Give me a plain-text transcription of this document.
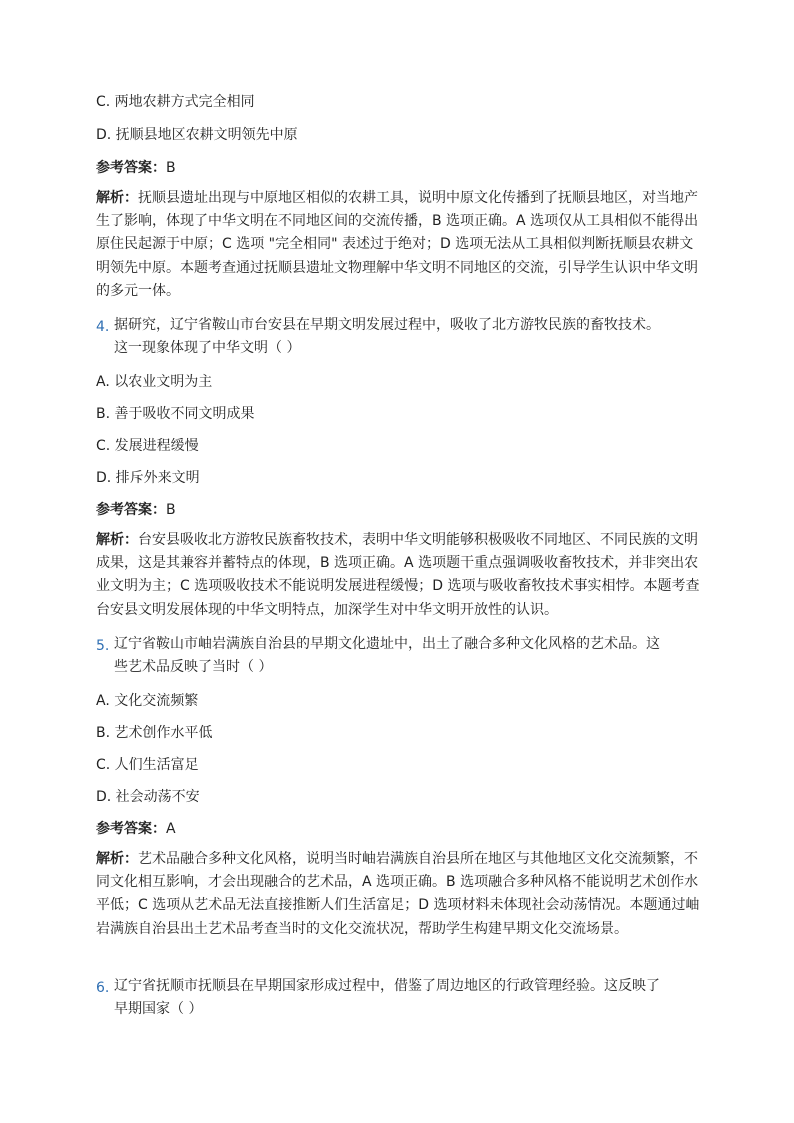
C. 两地农耕方式完全相同
D. 抚顺县地区农耕文明领先中原
参考答案：B
解析：抚顺县遗址出现与中原地区相似的农耕工具，说明中原文化传播到了抚顺县地区，对当地产生了影响，体现了中华文明在不同地区间的交流传播，B 选项正确。A 选项仅从工具相似不能得出原住民起源于中原；C 选项 "完全相同" 表述过于绝对；D 选项无法从工具相似判断抚顺县农耕文明领先中原。本题考查通过抚顺县遗址文物理解中华文明不同地区的交流，引导学生认识中华文明的多元一体。
4. 据研究，辽宁省鞍山市台安县在早期文明发展过程中，吸收了北方游牧民族的畜牧技术。
这一现象体现了中华文明（ ）
A. 以农业文明为主
B. 善于吸收不同文明成果
C. 发展进程缓慢
D. 排斥外来文明
参考答案：B
解析：台安县吸收北方游牧民族畜牧技术，表明中华文明能够积极吸收不同地区、不同民族的文明成果，这是其兼容并蓄特点的体现，B 选项正确。A 选项题干重点强调吸收畜牧技术，并非突出农业文明为主；C 选项吸收技术不能说明发展进程缓慢；D 选项与吸收畜牧技术事实相悖。本题考查台安县文明发展体现的中华文明特点，加深学生对中华文明开放性的认识。
5. 辽宁省鞍山市岫岩满族自治县的早期文化遗址中，出土了融合多种文化风格的艺术品。这
些艺术品反映了当时（ ）
A. 文化交流频繁
B. 艺术创作水平低
C. 人们生活富足
D. 社会动荡不安
参考答案：A
解析：艺术品融合多种文化风格，说明当时岫岩满族自治县所在地区与其他地区文化交流频繁，不同文化相互影响，才会出现融合的艺术品，A 选项正确。B 选项融合多种风格不能说明艺术创作水平低；C 选项从艺术品无法直接推断人们生活富足；D 选项材料未体现社会动荡情况。本题通过岫岩满族自治县出土艺术品考查当时的文化交流状况，帮助学生构建早期文化交流场景。
6. 辽宁省抚顺市抚顺县在早期国家形成过程中，借鉴了周边地区的行政管理经验。这反映了
早期国家（ ）
